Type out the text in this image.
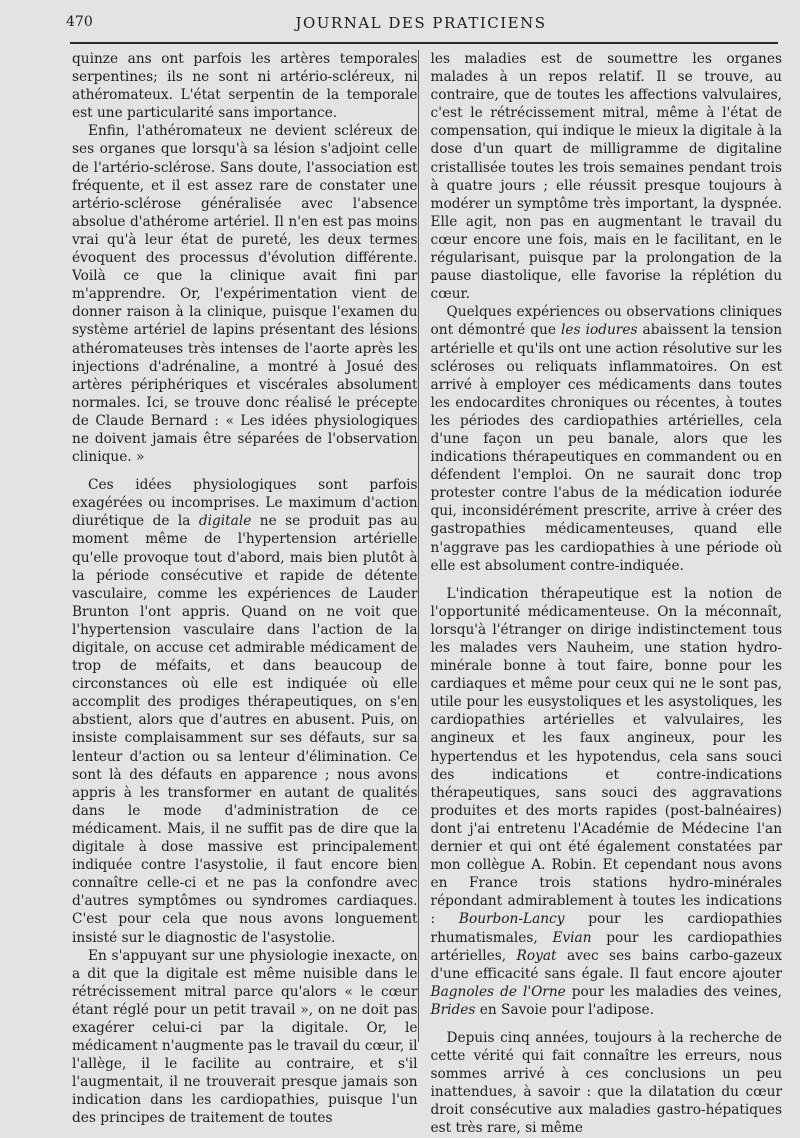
470	JOURNAL DES PRATICIENS

quinze ans ont parfois les artères temporales serpentines; ils ne sont ni artério-scléreux, ni athéromateux. L'état serpentin de la temporale est une particularité sans importance.

Enfin, l'athéromateux ne devient scléreux de ses organes que lorsqu'à sa lésion s'adjoint celle de l'artério-sclérose. Sans doute, l'association est fréquente, et il est assez rare de constater une artério-sclérose généralisée avec l'absence absolue d'athérome artériel. Il n'en est pas moins vrai qu'à leur état de pureté, les deux termes évoquent des processus d'évolution différente. Voilà ce que la clinique avait fini par m'apprendre. Or, l'expérimentation vient de donner raison à la clinique, puisque l'examen du système artériel de lapins présentant des lésions athéromateuses très intenses de l'aorte après les injections d'adrénaline, a montré à Josué des artères périphériques et viscérales absolument normales. Ici, se trouve donc réalisé le précepte de Claude Bernard : « Les idées physiologiques ne doivent jamais être séparées de l'observation clinique. »

Ces idées physiologiques sont parfois exagérées ou incomprises. Le maximum d'action diurétique de la digitale ne se produit pas au moment même de l'hypertension artérielle qu'elle provoque tout d'abord, mais bien plutôt à la période consécutive et rapide de détente vasculaire, comme les expériences de Lauder Brunton l'ont appris. Quand on ne voit que l'hypertension vasculaire dans l'action de la digitale, on accuse cet admirable médicament de trop de méfaits, et dans beaucoup de circonstances où elle est indiquée où elle accomplit des prodiges thérapeutiques, on s'en abstient, alors que d'autres en abusent. Puis, on insiste complaisamment sur ses défauts, sur sa lenteur d'action ou sa lenteur d'élimination. Ce sont là des défauts en apparence ; nous avons appris à les transformer en autant de qualités dans le mode d'administration de ce médicament. Mais, il ne suffit pas de dire que la digitale à dose massive est principalement indiquée contre l'asystolie, il faut encore bien connaître celle-ci et ne pas la confondre avec d'autres symptômes ou syndromes cardiaques. C'est pour cela que nous avons longuement insisté sur le diagnostic de l'asystolie.

En s'appuyant sur une physiologie inexacte, on a dit que la digitale est même nuisible dans le rétrécissement mitral parce qu'alors « le cœur étant réglé pour un petit travail », on ne doit pas exagérer celui-ci par la digitale. Or, le médicament n'augmente pas le travail du cœur, il l'allège, il le facilite au contraire, et s'il l'augmentait, il ne trouverait presque jamais son indication dans les cardiopathies, puisque l'un des principes de traitement de toutes

les maladies est de soumettre les organes malades à un repos relatif. Il se trouve, au contraire, que de toutes les affections valvulaires, c'est le rétrécissement mitral, même à l'état de compensation, qui indique le mieux la digitale à la dose d'un quart de milligramme de digitaline cristallisée toutes les trois semaines pendant trois à quatre jours ; elle réussit presque toujours à modérer un symptôme très important, la dyspnée. Elle agit, non pas en augmentant le travail du cœur encore une fois, mais en le facilitant, en le régularisant, puisque par la prolongation de la pause diastolique, elle favorise la réplétion du cœur.

Quelques expériences ou observations cliniques ont démontré que les iodures abaissent la tension artérielle et qu'ils ont une action résolutive sur les scléroses ou reliquats inflammatoires. On est arrivé à employer ces médicaments dans toutes les endocardites chroniques ou récentes, à toutes les périodes des cardiopathies artérielles, cela d'une façon un peu banale, alors que les indications thérapeutiques en commandent ou en défendent l'emploi. On ne saurait donc trop protester contre l'abus de la médication iodurée qui, inconsidérément prescrite, arrive à créer des gastropathies médicamenteuses, quand elle n'aggrave pas les cardiopathies à une période où elle est absolument contre-indiquée.

L'indication thérapeutique est la notion de l'opportunité médicamenteuse. On la méconnaît, lorsqu'à l'étranger on dirige indistinctement tous les malades vers Nauheim, une station hydro-minérale bonne à tout faire, bonne pour les cardiaques et même pour ceux qui ne le sont pas, utile pour les eusystoliques et les asystoliques, les cardiopathies artérielles et valvulaires, les angineux et les faux angineux, pour les hypertendus et les hypotendus, cela sans souci des indications et contre-indications thérapeutiques, sans souci des aggravations produites et des morts rapides (post-balnéaires) dont j'ai entretenu l'Académie de Médecine l'an dernier et qui ont été également constatées par mon collègue A. Robin. Et cependant nous avons en France trois stations hydro-minérales répondant admirablement à toutes les indications : Bourbon-Lancy pour les cardiopathies rhumatismales, Evian pour les cardiopathies artérielles, Royat avec ses bains carbo-gazeux d'une efficacité sans égale. Il faut encore ajouter Bagnoles de l'Orne pour les maladies des veines, Brides en Savoie pour l'adipose.

Depuis cinq années, toujours à la recherche de cette vérité qui fait connaître les erreurs, nous sommes arrivé à ces conclusions un peu inattendues, à savoir : que la dilatation du cœur droit consécutive aux maladies gastro-hépatiques est très rare, si même
